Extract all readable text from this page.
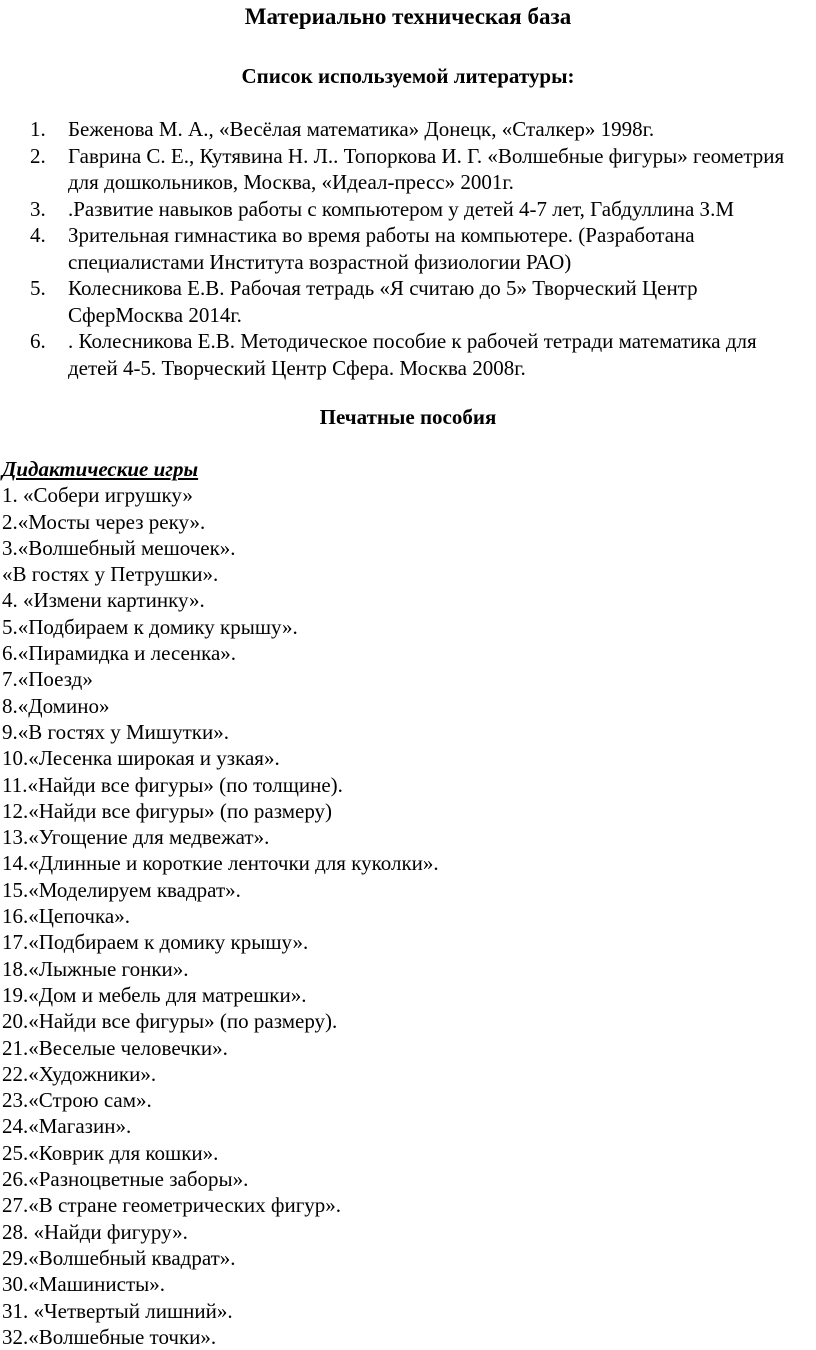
Материально техническая база
Список используемой литературы:
1. Беженова М. А., «Весёлая математика» Донецк, «Сталкер» 1998г.
2. Гаврина С. Е., Кутявина Н. Л.. Топоркова И. Г. «Волшебные фигуры» геометрия для дошкольников, Москва, «Идеал-пресс» 2001г.
3. .Развитие навыков работы с компьютером у детей 4-7 лет, Габдуллина З.М
4. Зрительная гимнастика во время работы на компьютере. (Разработана специалистами Института возрастной физиологии РАО)
5. Колесникова Е.В. Рабочая тетрадь «Я считаю до 5» Творческий Центр СферМосква 2014г.
6. . Колесникова Е.В. Методическое пособие к рабочей тетради математика для детей 4-5. Творческий Центр Сфера. Москва 2008г.
Печатные пособия
Дидактические игры
1. «Собери игрушку»
2.«Мосты через реку».
3.«Волшебный мешочек».
«В гостях у Петрушки».
4. «Измени картинку».
5.«Подбираем к домику крышу».
6.«Пирамидка и лесенка».
7.«Поезд»
8.«Домино»
9.«В гостях у Мишутки».
10.«Лесенка широкая и узкая».
11.«Найди все фигуры» (по толщине).
12.«Найди все фигуры» (по размеру)
13.«Угощение для медвежат».
14.«Длинные и короткие ленточки для куколки».
15.«Моделируем квадрат».
16.«Цепочка».
17.«Подбираем к домику крышу».
18.«Лыжные гонки».
19.«Дом и мебель для матрешки».
20.«Найди все фигуры» (по размеру).
21.«Веселые человечки».
22.«Художники».
23.«Строю сам».
24.«Магазин».
25.«Коврик для кошки».
26.«Разноцветные заборы».
27.«В стране геометрических фигур».
28. «Найди фигуру».
29.«Волшебный квадрат».
30.«Машинисты».
31. «Четвертый лишний».
32.«Волшебные точки».
